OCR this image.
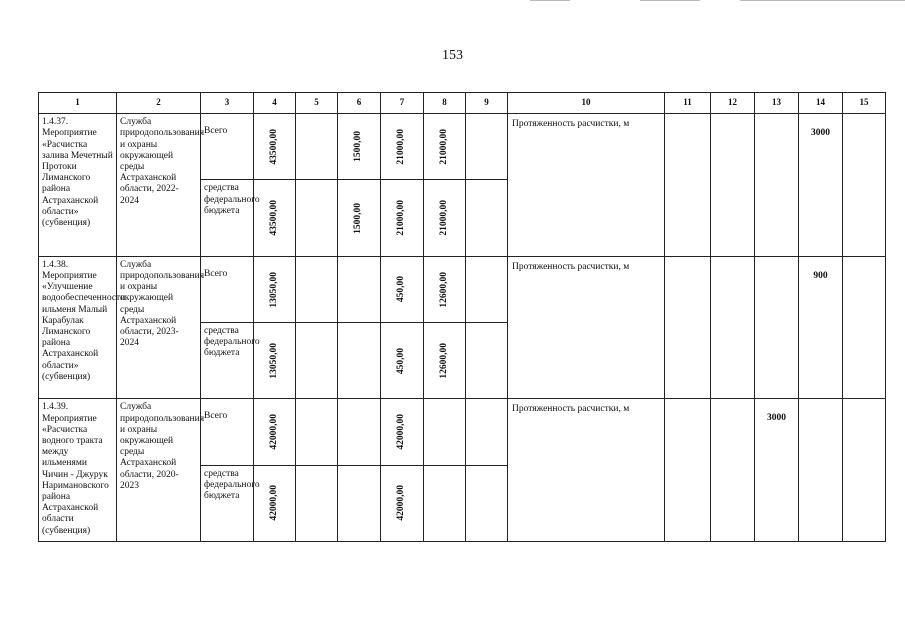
153
1	2	3	4	5	6	7	8	9	10	11	12	13	14	15

1.4.37. Мероприятие «Расчистка залива Мечетный Протоки Лиманского района Астраханской области» (субвенция)	Служба природопользования и охраны окружающей среды Астраханской области, 2022-2024	Всего	43500,00		1500,00	21000,00	21000,00		Протяженность расчистки, м				3000	

		средства федерального бюджета	43500,00		1500,00	21000,00	21000,00							

1.4.38. Мероприятие «Улучшение водообеспеченности ильменя Малый Карабулак Лиманского района Астраханской области» (субвенция)	Служба природопользования и охраны окружающей среды Астраханской области, 2023-2024	Всего	13050,00			450,00	12600,00		Протяженность расчистки, м				900	

		средства федерального бюджета	13050,00			450,00	12600,00							

1.4.39. Мероприятие «Расчистка водного тракта между ильменями Чичин - Джурук Наримановского района Астраханской области (субвенция)	Служба природопользования и охраны окружающей среды Астраханской области, 2020-2023	Всего	42000,00			42000,00			Протяженность расчистки, м			3000		

		средства федерального бюджета	42000,00			42000,00								
